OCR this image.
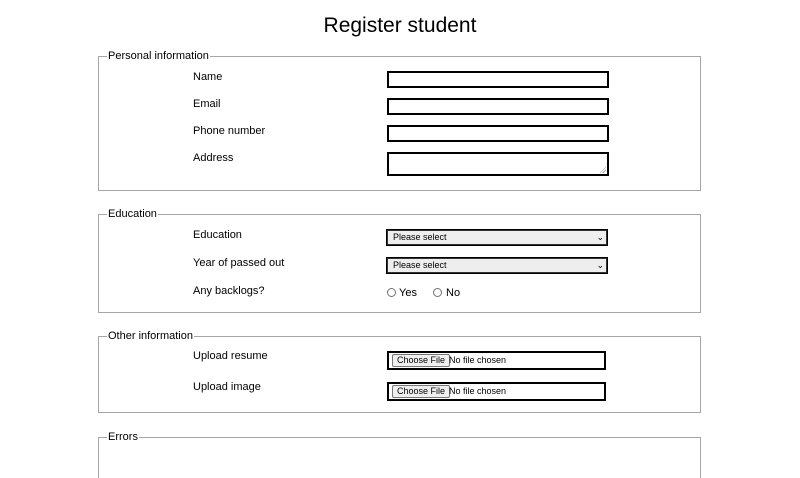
Register student
Personal information
Name
Email
Phone number
Address
Education
Education	Please select	⌄
Year of passed out	Please select	⌄
Any backlogs?	Yes	No
Other information
Upload resume	Choose File No file chosen
Upload image	Choose File No file chosen
Errors
